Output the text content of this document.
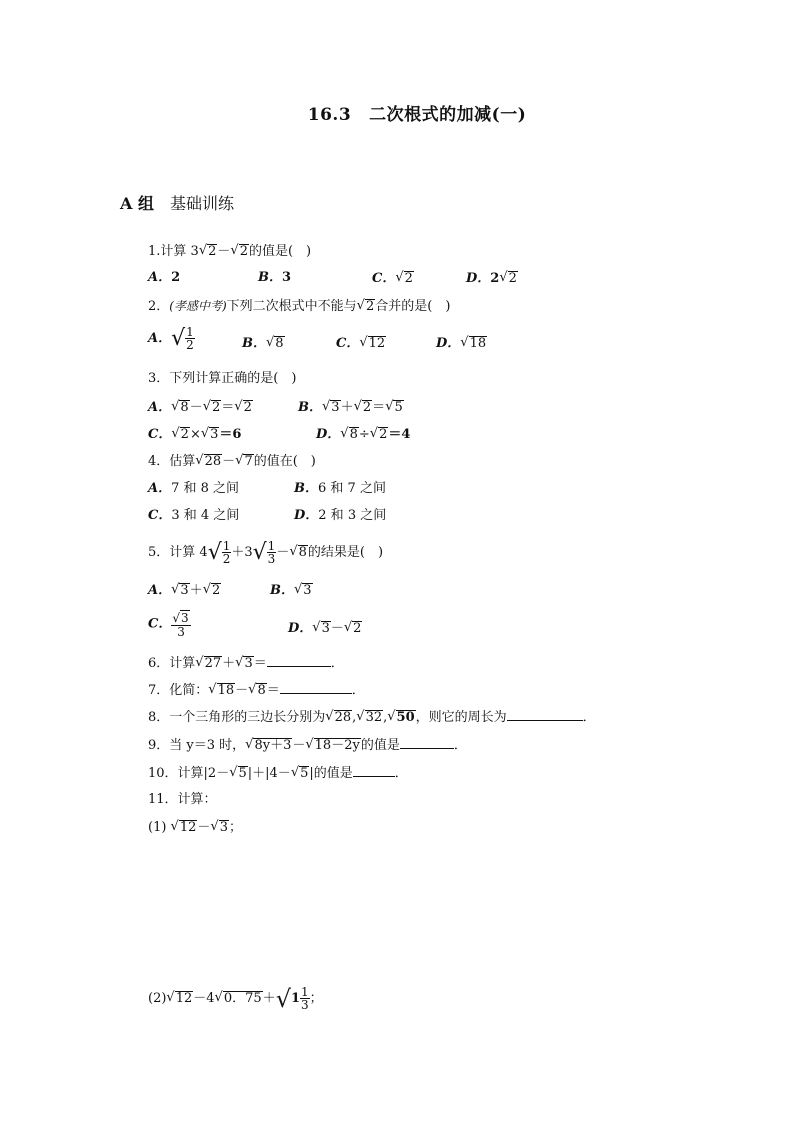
16.3 二次根式的加减(一)
A 组 基础训练
1.计算 3√2－√2的值是(　)
A．2	B．3	C．√2	D．2√2
2．(孝感中考)下列二次根式中不能与√2合并的是(　)
A．√ $\frac{1}{2}$	B．√8	C．√12	D．√18
3．下列计算正确的是(　)
A．√8－√2＝√2	B．√3＋√2＝√5
C．√2×√3＝6	D．√8÷√2＝4
4．估算√28－√7的值在(　)
A．7 和 8 之间	B．6 和 7 之间
C．3 和 4 之间	D．2 和 3 之间
5．计算 $4√ \frac{1}{2} +3√ \frac{1}{3} -√8$的结果是(　)
A．√3＋√2	B．√3
C． $\frac{√3}{3}$	D．√3－√2
6．计算√27＋√3＝	．
7．化简：√18－√8＝	．
8．一个三角形的三边长分别为√28,√32,√50，则它的周长为	．
9．当 y＝3 时，√8y＋3－√18－2y的值是	．
10．计算|2－√5|＋|4－√5|的值是	．
11．计算：
(1) √12－√3；
(2)√12－4√0．$75+√1 \frac{1}{3}$ ；
